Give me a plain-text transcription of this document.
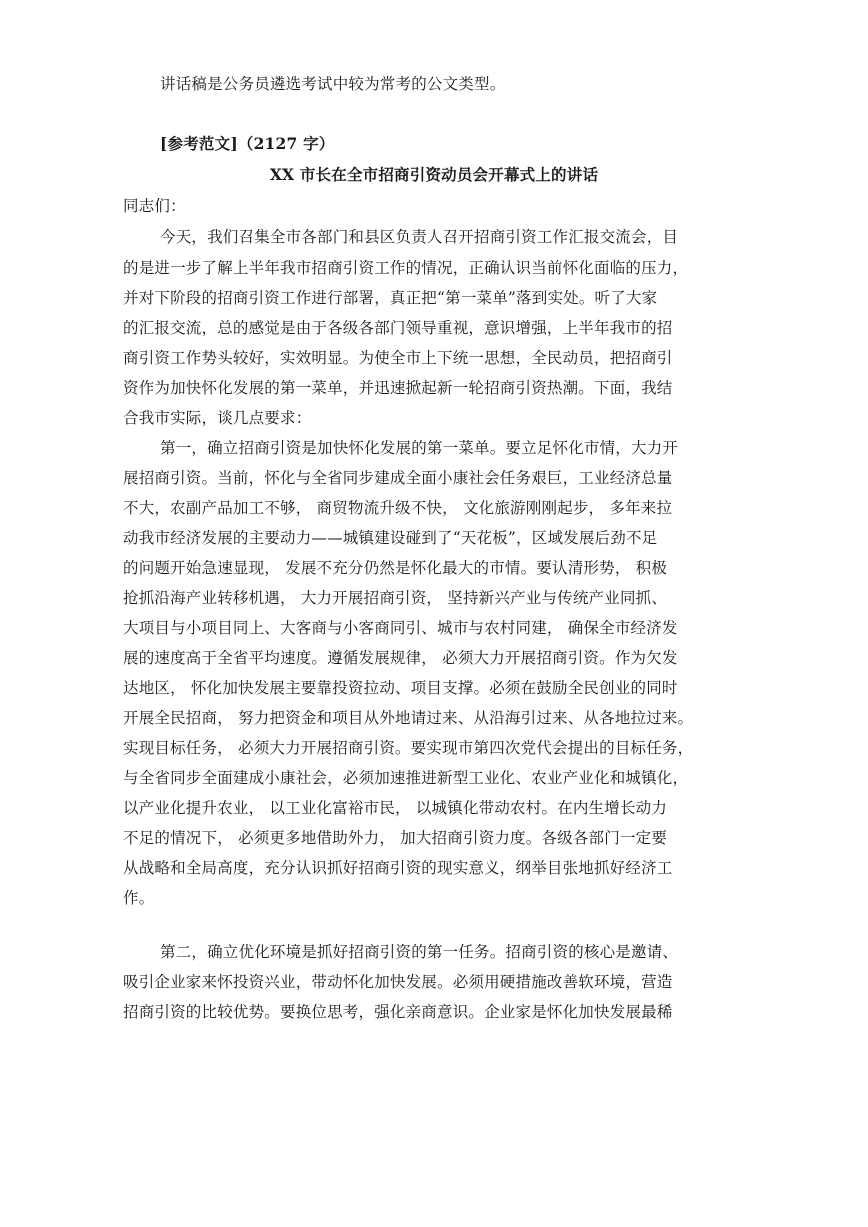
讲话稿是公务员遴选考试中较为常考的公文类型。
[参考范文]（2127 字）
XX 市长在全市招商引资动员会开幕式上的讲话
同志们：
今天，我们召集全市各部门和县区负责人召开招商引资工作汇报交流会，目
的是进一步了解上半年我市招商引资工作的情况，正确认识当前怀化面临的压力，
并对下阶段的招商引资工作进行部署，真正把“第一菜单”落到实处。听了大家
的汇报交流，总的感觉是由于各级各部门领导重视，意识增强，上半年我市的招
商引资工作势头较好，实效明显。为使全市上下统一思想，全民动员，把招商引
资作为加快怀化发展的第一菜单，并迅速掀起新一轮招商引资热潮。下面，我结
合我市实际，谈几点要求：
第一，确立招商引资是加快怀化发展的第一菜单。要立足怀化市情，大力开
展招商引资。当前，怀化与全省同步建成全面小康社会任务艰巨，工业经济总量
不大，农副产品加工不够， 商贸物流升级不快， 文化旅游刚刚起步， 多年来拉
动我市经济发展的主要动力——城镇建设碰到了“天花板”，区域发展后劲不足
的问题开始急速显现， 发展不充分仍然是怀化最大的市情。要认清形势， 积极
抢抓沿海产业转移机遇， 大力开展招商引资， 坚持新兴产业与传统产业同抓、
大项目与小项目同上、大客商与小客商同引、城市与农村同建， 确保全市经济发
展的速度高于全省平均速度。遵循发展规律， 必须大力开展招商引资。作为欠发
达地区， 怀化加快发展主要靠投资拉动、项目支撑。必须在鼓励全民创业的同时
开展全民招商， 努力把资金和项目从外地请过来、从沿海引过来、从各地拉过来。
实现目标任务， 必须大力开展招商引资。要实现市第四次党代会提出的目标任务，
与全省同步全面建成小康社会，必须加速推进新型工业化、农业产业化和城镇化，
以产业化提升农业， 以工业化富裕市民， 以城镇化带动农村。在内生增长动力
不足的情况下， 必须更多地借助外力， 加大招商引资力度。各级各部门一定要
从战略和全局高度，充分认识抓好招商引资的现实意义，纲举目张地抓好经济工
作。
第二，确立优化环境是抓好招商引资的第一任务。招商引资的核心是邀请、
吸引企业家来怀投资兴业，带动怀化加快发展。必须用硬措施改善软环境，营造
招商引资的比较优势。要换位思考，强化亲商意识。企业家是怀化加快发展最稀
